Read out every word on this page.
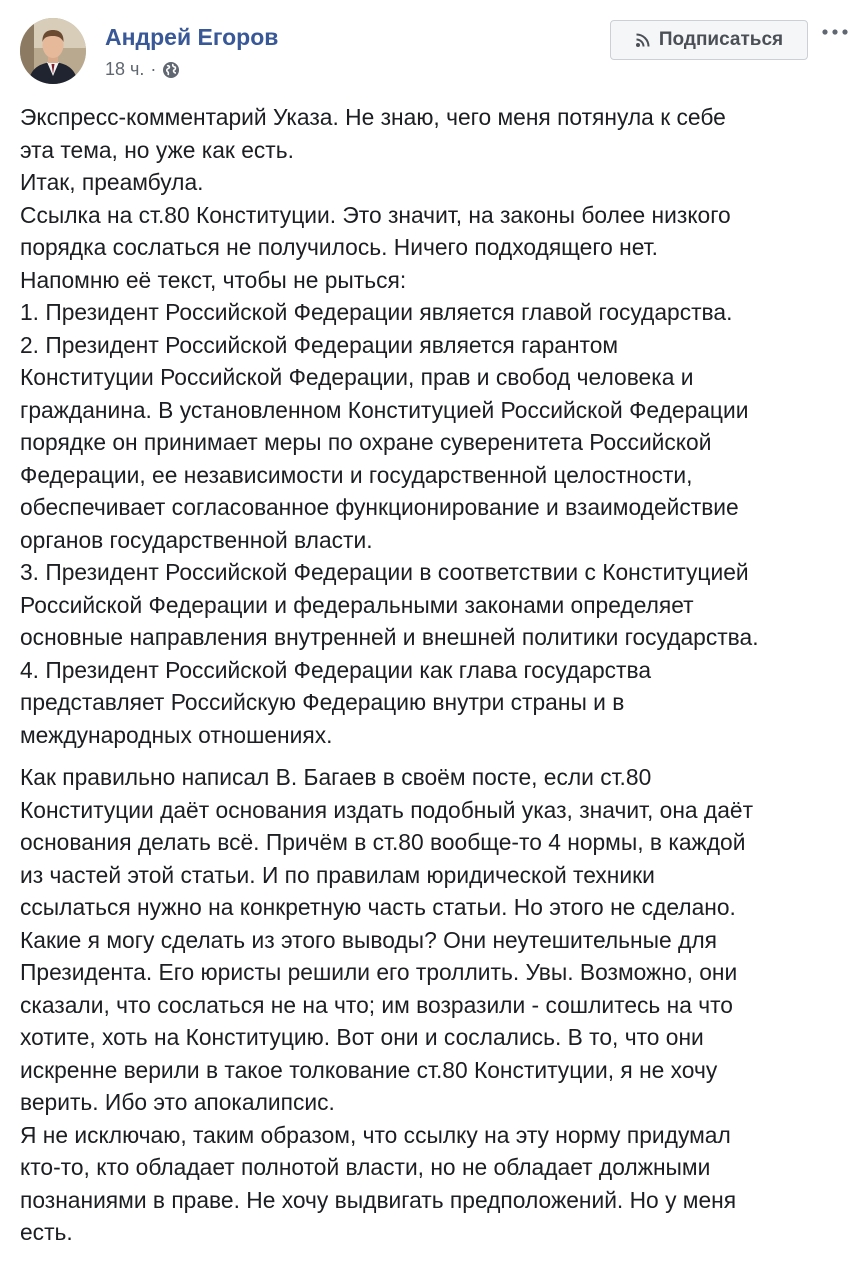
Андрей Егоров
18 ч. ·
Подписаться
Экспресс-комментарий Указа. Не знаю, чего меня потянула к себе
эта тема, но уже как есть.
Итак, преамбула.
Ссылка на ст.80 Конституции. Это значит, на законы более низкого
порядка сослаться не получилось. Ничего подходящего нет.
Напомню её текст, чтобы не рыться:
1. Президент Российской Федерации является главой государства.
2. Президент Российской Федерации является гарантом
Конституции Российской Федерации, прав и свобод человека и
гражданина. В установленном Конституцией Российской Федерации
порядке он принимает меры по охране суверенитета Российской
Федерации, ее независимости и государственной целостности,
обеспечивает согласованное функционирование и взаимодействие
органов государственной власти.
3. Президент Российской Федерации в соответствии с Конституцией
Российской Федерации и федеральными законами определяет
основные направления внутренней и внешней политики государства.
4. Президент Российской Федерации как глава государства
представляет Российскую Федерацию внутри страны и в
международных отношениях.
Как правильно написал В. Багаев в своём посте, если ст.80
Конституции даёт основания издать подобный указ, значит, она даёт
основания делать всё. Причём в ст.80 вообще-то 4 нормы, в каждой
из частей этой статьи. И по правилам юридической техники
ссылаться нужно на конкретную часть статьи. Но этого не сделано.
Какие я могу сделать из этого выводы? Они неутешительные для
Президента. Его юристы решили его троллить. Увы. Возможно, они
сказали, что сослаться не на что; им возразили - сошлитесь на что
хотите, хоть на Конституцию. Вот они и сослались. В то, что они
искренне верили в такое толкование ст.80 Конституции, я не хочу
верить. Ибо это апокалипсис.
Я не исключаю, таким образом, что ссылку на эту норму придумал
кто-то, кто обладает полнотой власти, но не обладает должными
познаниями в праве. Не хочу выдвигать предположений. Но у меня
есть.
